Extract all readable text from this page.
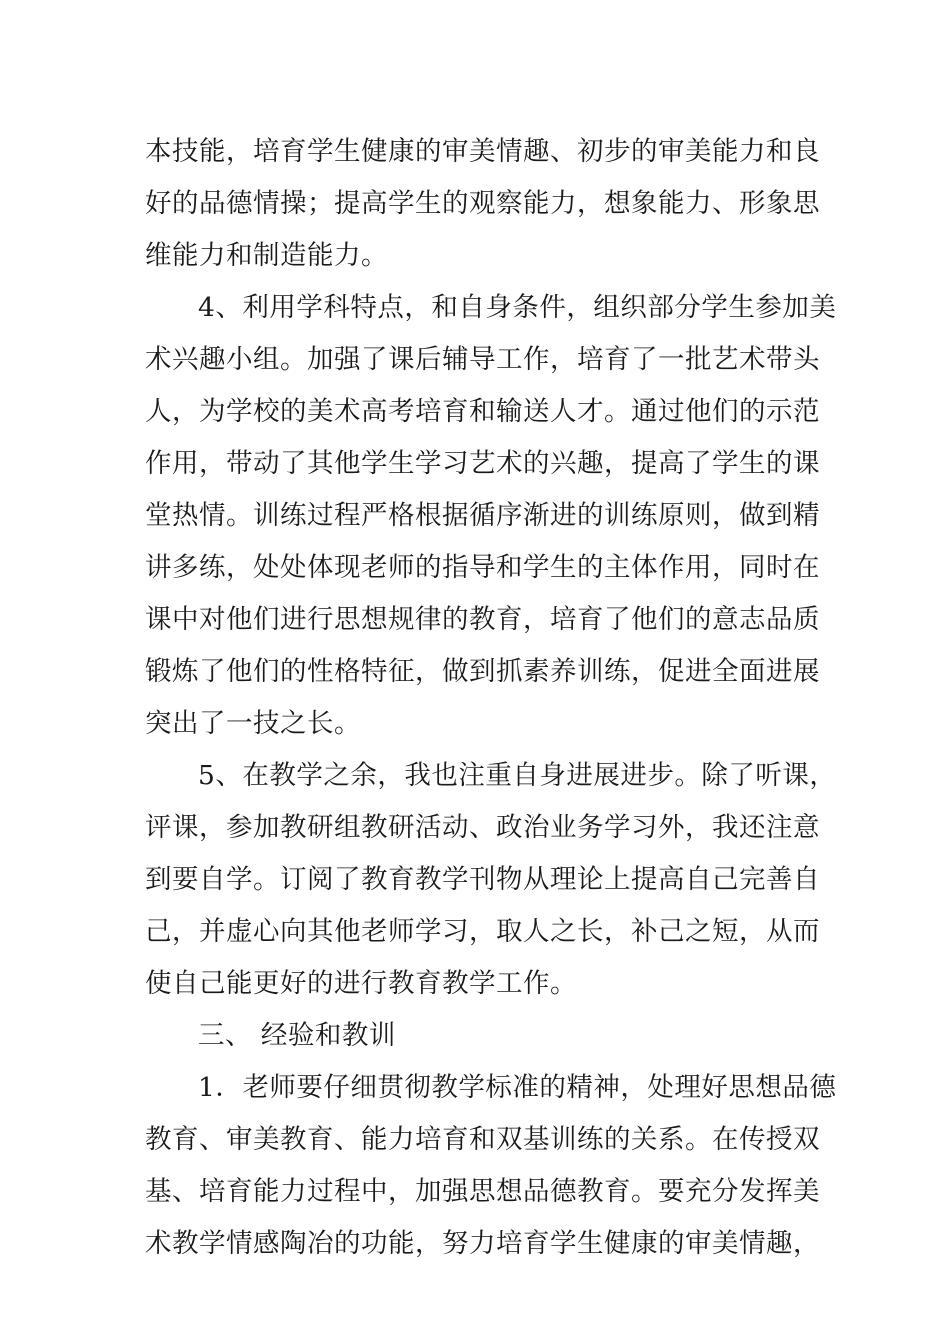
本技能，培育学生健康的审美情趣、初步的审美能力和良
好的品德情操；提高学生的观察能力，想象能力、形象思
维能力和制造能力。
4、利用学科特点，和自身条件，组织部分学生参加美
术兴趣小组。加强了课后辅导工作，培育了一批艺术带头
人，为学校的美术高考培育和输送人才。通过他们的示范
作用，带动了其他学生学习艺术的兴趣，提高了学生的课
堂热情。训练过程严格根据循序渐进的训练原则，做到精
讲多练，处处体现老师的指导和学生的主体作用，同时在
课中对他们进行思想规律的教育，培育了他们的意志品质
锻炼了他们的性格特征，做到抓素养训练，促进全面进展
突出了一技之长。
5、在教学之余，我也注重自身进展进步。除了听课，
评课，参加教研组教研活动、政治业务学习外，我还注意
到要自学。订阅了教育教学刊物从理论上提高自己完善自
己，并虚心向其他老师学习，取人之长，补己之短，从而
使自己能更好的进行教育教学工作。
三、 经验和教训
1．老师要仔细贯彻教学标准的精神，处理好思想品德
教育、审美教育、能力培育和双基训练的关系。在传授双
基、培育能力过程中，加强思想品德教育。要充分发挥美
术教学情感陶冶的功能，努力培育学生健康的审美情趣，
